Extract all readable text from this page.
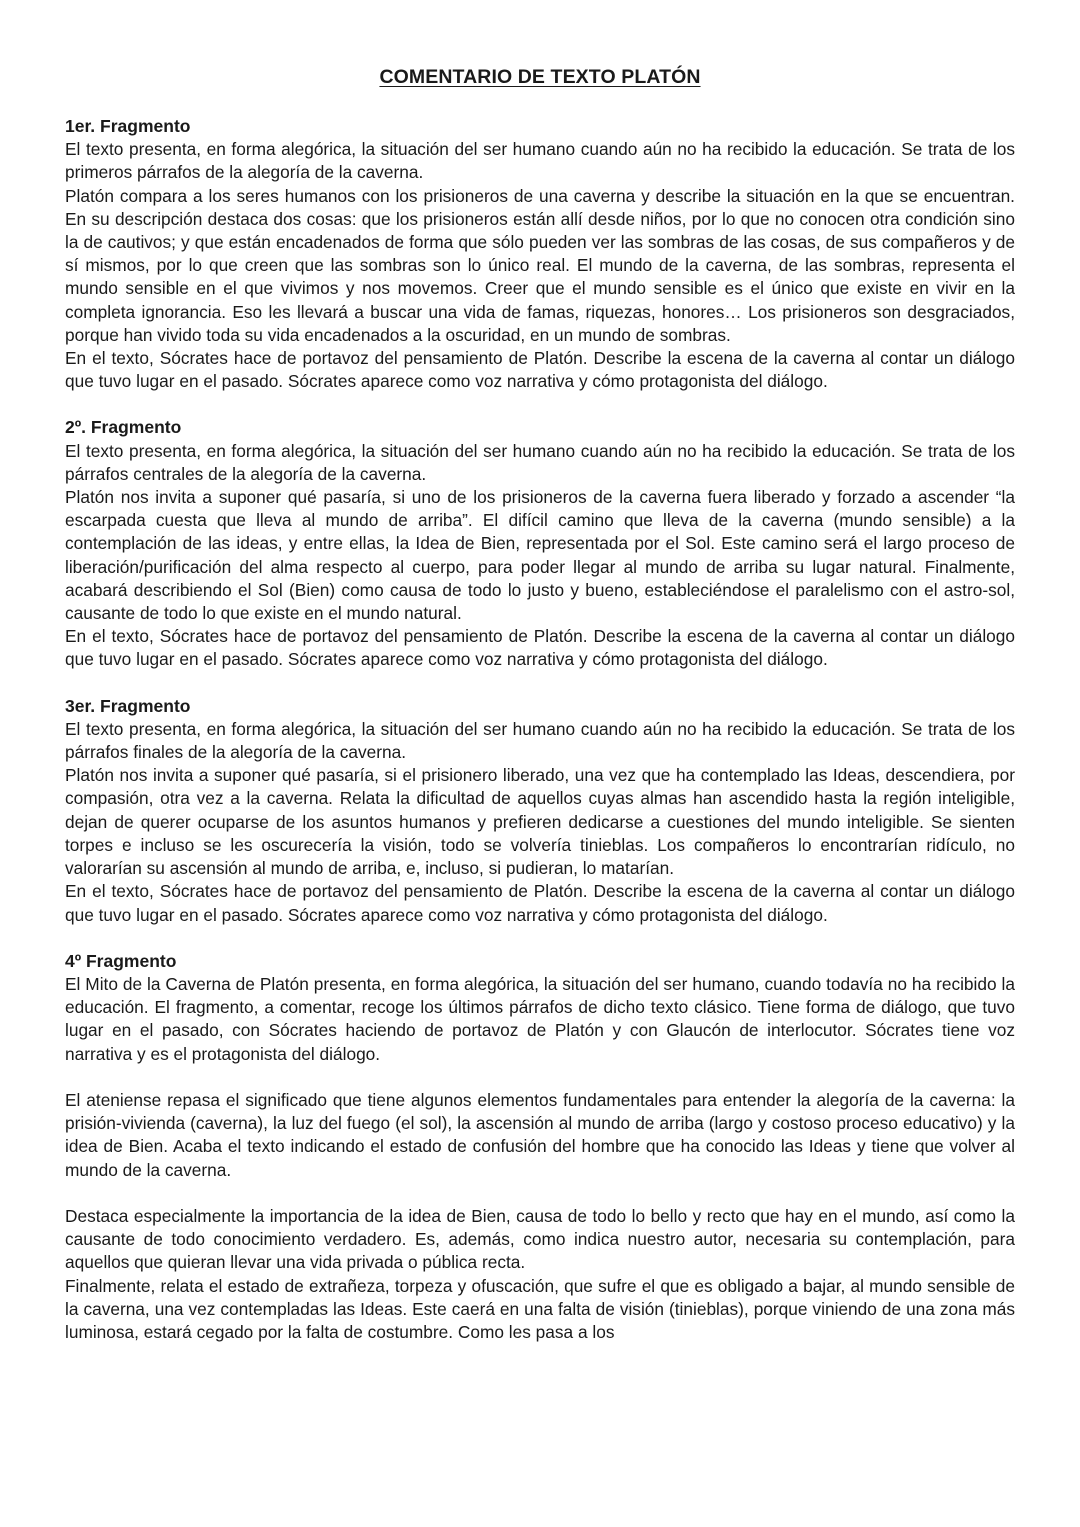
COMENTARIO DE TEXTO PLATÓN
1er. Fragmento

El texto presenta, en forma alegórica, la situación del ser humano cuando aún no ha recibido la educación. Se trata de los primeros párrafos de la alegoría de la caverna.

Platón compara a los seres humanos con los prisioneros de una caverna y describe la situación en la que se encuentran. En su descripción destaca dos cosas: que los prisioneros están allí desde niños, por lo que no conocen otra condición sino la de cautivos; y que están encadenados de forma que sólo pueden ver las sombras de las cosas, de sus compañeros y de sí mismos, por lo que creen que las sombras son lo único real. El mundo de la caverna, de las sombras, representa el mundo sensible en el que vivimos y nos movemos. Creer que el mundo sensible es el único que existe en vivir en la completa ignorancia. Eso les llevará a buscar una vida de famas, riquezas, honores… Los prisioneros son desgraciados, porque han vivido toda su vida encadenados a la oscuridad, en un mundo de sombras.

En el texto, Sócrates hace de portavoz del pensamiento de Platón. Describe la escena de la caverna al contar un diálogo que tuvo lugar en el pasado. Sócrates aparece como voz narrativa y cómo protagonista del diálogo.

2º. Fragmento

El texto presenta, en forma alegórica, la situación del ser humano cuando aún no ha recibido la educación. Se trata de los párrafos centrales de la alegoría de la caverna.

Platón nos invita a suponer qué pasaría, si uno de los prisioneros de la caverna fuera liberado y forzado a ascender “la escarpada cuesta que lleva al mundo de arriba”. El difícil camino que lleva de la caverna (mundo sensible) a la contemplación de las ideas, y entre ellas, la Idea de Bien, representada por el Sol. Este camino será el largo proceso de liberación/purificación del alma respecto al cuerpo, para poder llegar al mundo de arriba su lugar natural. Finalmente, acabará describiendo el Sol (Bien) como causa de todo lo justo y bueno, estableciéndose el paralelismo con el astro-sol, causante de todo lo que existe en el mundo natural.

En el texto, Sócrates hace de portavoz del pensamiento de Platón. Describe la escena de la caverna al contar un diálogo que tuvo lugar en el pasado. Sócrates aparece como voz narrativa y cómo protagonista del diálogo.

3er. Fragmento

El texto presenta, en forma alegórica, la situación del ser humano cuando aún no ha recibido la educación. Se trata de los párrafos finales de la alegoría de la caverna.

Platón nos invita a suponer qué pasaría, si el prisionero liberado, una vez que ha contemplado las Ideas, descendiera, por compasión, otra vez a la caverna. Relata la dificultad de aquellos cuyas almas han ascendido hasta la región inteligible, dejan de querer ocuparse de los asuntos humanos y prefieren dedicarse a cuestiones del mundo inteligible. Se sienten torpes e incluso se les oscurecería la visión, todo se volvería tinieblas. Los compañeros lo encontrarían ridículo, no valorarían su ascensión al mundo de arriba, e, incluso, si pudieran, lo matarían.

En el texto, Sócrates hace de portavoz del pensamiento de Platón. Describe la escena de la caverna al contar un diálogo que tuvo lugar en el pasado. Sócrates aparece como voz narrativa y cómo protagonista del diálogo.

4º Fragmento

El Mito de la Caverna de Platón presenta, en forma alegórica, la situación del ser humano, cuando todavía no ha recibido la educación. El fragmento, a comentar, recoge los últimos párrafos de dicho texto clásico. Tiene forma de diálogo, que tuvo lugar en el pasado, con Sócrates haciendo de portavoz de Platón y con Glaucón de interlocutor. Sócrates tiene voz narrativa y es el protagonista del diálogo.

El ateniense repasa el significado que tiene algunos elementos fundamentales para entender la alegoría de la caverna: la prisión-vivienda (caverna), la luz del fuego (el sol), la ascensión al mundo de arriba (largo y costoso proceso educativo) y la idea de Bien. Acaba el texto indicando el estado de confusión del hombre que ha conocido las Ideas y tiene que volver al mundo de la caverna.

Destaca especialmente la importancia de la idea de Bien, causa de todo lo bello y recto que hay en el mundo, así como la causante de todo conocimiento verdadero. Es, además, como indica nuestro autor, necesaria su contemplación, para aquellos que quieran llevar una vida privada o pública recta.

Finalmente, relata el estado de extrañeza, torpeza y ofuscación, que sufre el que es obligado a bajar, al mundo sensible de la caverna, una vez contempladas las Ideas. Este caerá en una falta de visión (tinieblas), porque viniendo de una zona más luminosa, estará cegado por la falta de costumbre. Como les pasa a los
